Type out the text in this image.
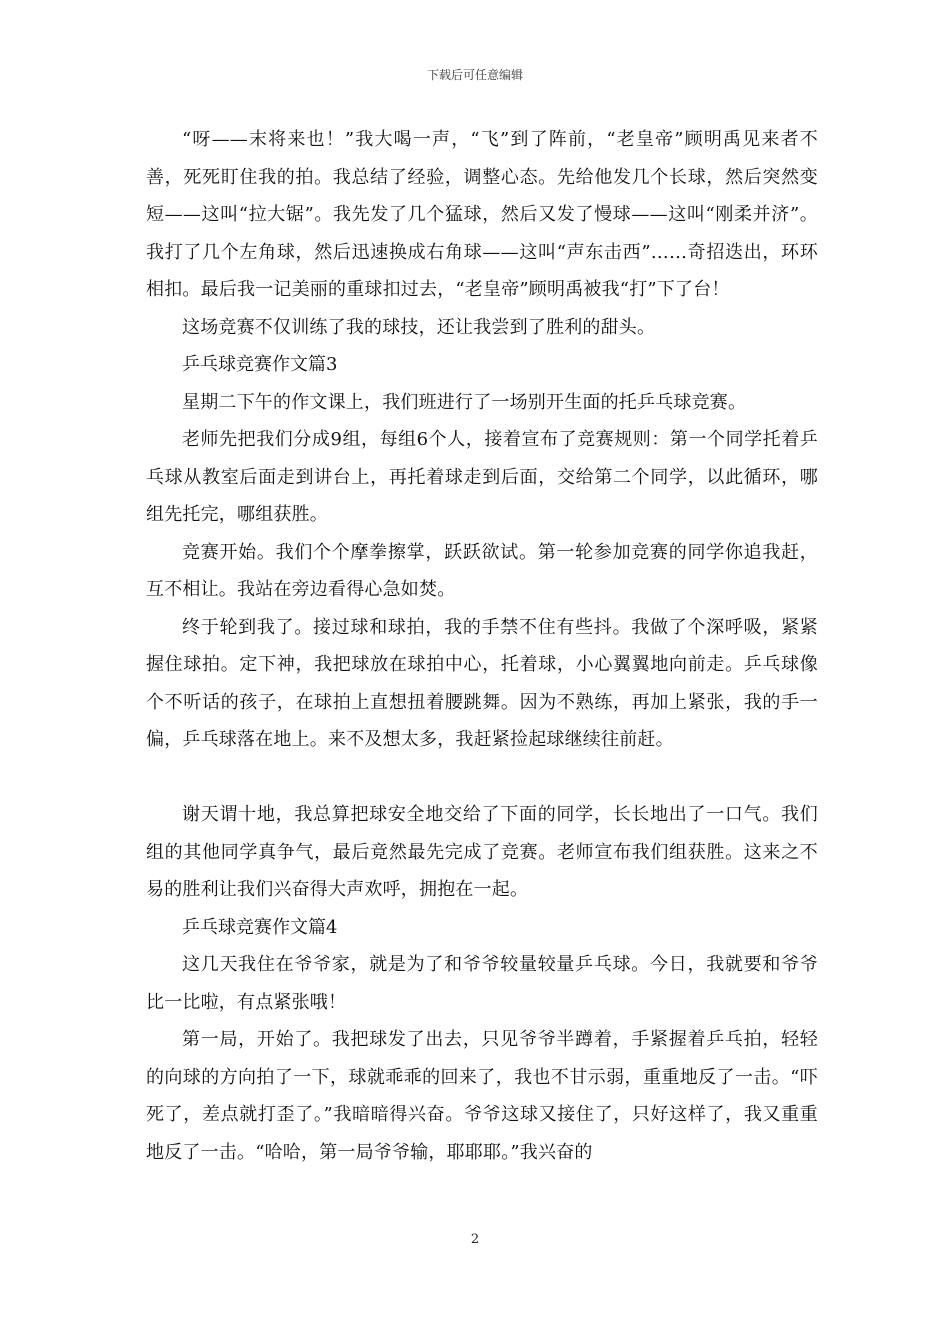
下载后可任意编辑

“呀——末将来也！”我大喝一声，“飞”到了阵前，“老皇帝”顾明禹见来者不善，死死盯住我的拍。我总结了经验，调整心态。先给他发几个长球，然后突然变短——这叫“拉大锯”。我先发了几个猛球，然后又发了慢球——这叫“刚柔并济”。我打了几个左角球，然后迅速换成右角球——这叫“声东击西”……奇招迭出，环环相扣。最后我一记美丽的重球扣过去，“老皇帝”顾明禹被我“打”下了台！

这场竞赛不仅训练了我的球技，还让我尝到了胜利的甜头。

乒乓球竞赛作文篇3

星期二下午的作文课上，我们班进行了一场别开生面的托乒乓球竞赛。

老师先把我们分成9组，每组6个人，接着宣布了竞赛规则：第一个同学托着乒乓球从教室后面走到讲台上，再托着球走到后面，交给第二个同学，以此循环，哪组先托完，哪组获胜。

竞赛开始。我们个个摩拳擦掌，跃跃欲试。第一轮参加竞赛的同学你追我赶，互不相让。我站在旁边看得心急如焚。

终于轮到我了。接过球和球拍，我的手禁不住有些抖。我做了个深呼吸，紧紧握住球拍。定下神，我把球放在球拍中心，托着球，小心翼翼地向前走。乒乓球像个不听话的孩子，在球拍上直想扭着腰跳舞。因为不熟练，再加上紧张，我的手一偏，乒乓球落在地上。来不及想太多，我赶紧捡起球继续往前赶。

谢天谓十地，我总算把球安全地交给了下面的同学，长长地出了一口气。我们组的其他同学真争气，最后竟然最先完成了竞赛。老师宣布我们组获胜。这来之不易的胜利让我们兴奋得大声欢呼，拥抱在一起。

乒乓球竞赛作文篇4

这几天我住在爷爷家，就是为了和爷爷较量较量乒乓球。今日，我就要和爷爷比一比啦，有点紧张哦！

第一局，开始了。我把球发了出去，只见爷爷半蹲着，手紧握着乒乓拍，轻轻的向球的方向拍了一下，球就乖乖的回来了，我也不甘示弱，重重地反了一击。“吓死了，差点就打歪了。”我暗暗得兴奋。爷爷这球又接住了，只好这样了，我又重重地反了一击。“哈哈，第一局爷爷输，耶耶耶。”我兴奋的

2
